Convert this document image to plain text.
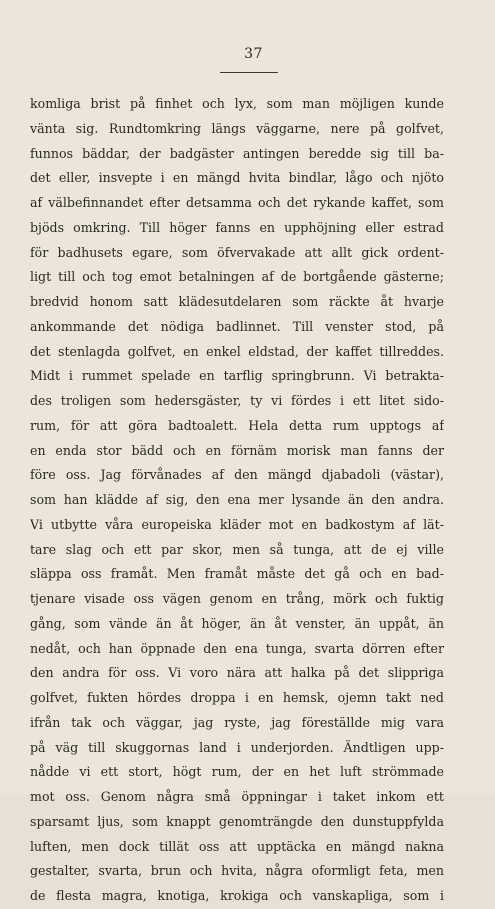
37
komliga brist på finhet och lyx, som man möjligen kunde
vänta sig. Rundtomkring längs väggarne, nere på golfvet,
funnos bäddar, der badgäster antingen beredde sig till ba-
det eller, insvepte i en mängd hvita bindlar, lågo och njöto
af välbefinnandet efter detsamma och det rykande kaffet, som
bjöds omkring. Till höger fanns en upphöjning eller estrad
för badhusets egare, som öfvervakade att allt gick ordent-
ligt till och tog emot betalningen af de bortgående gästerne;
bredvid honom satt klädesutdelaren som räckte åt hvarje
ankommande det nödiga badlinnet. Till venster stod, på
det stenlagda golfvet, en enkel eldstad, der kaffet tillreddes.
Midt i rummet spelade en tarflig springbrunn. Vi betrakta-
des troligen som hedersgäster, ty vi fördes i ett litet sido-
rum, för att göra badtoalett. Hela detta rum upptogs af
en enda stor bädd och en förnäm morisk man fanns der
före oss. Jag förvånades af den mängd djabadoli (västar),
som han klädde af sig, den ena mer lysande än den andra.
Vi utbytte våra europeiska kläder mot en badkostym af lät-
tare slag och ett par skor, men så tunga, att de ej ville
släppa oss framåt. Men framåt måste det gå och en bad-
tjenare visade oss vägen genom en trång, mörk och fuktig
gång, som vände än åt höger, än åt venster, än uppåt, än
nedåt, och han öppnade den ena tunga, svarta dörren efter
den andra för oss. Vi voro nära att halka på det slippriga
golfvet, fukten hördes droppa i en hemsk, ojemn takt ned
ifrån tak och väggar, jag ryste, jag föreställde mig vara
på väg till skuggornas land i underjorden. Ändtligen upp-
nådde vi ett stort, högt rum, der en het luft strömmade
mot oss. Genom några små öppningar i taket inkom ett
sparsamt ljus, som knappt genomträngde den dunstuppfylda
luften, men dock tillät oss att upptäcka en mängd nakna
gestalter, svarta, brun och hvita, några oformligt feta, men
de flesta magra, knotiga, krokiga och vanskapliga, som i
